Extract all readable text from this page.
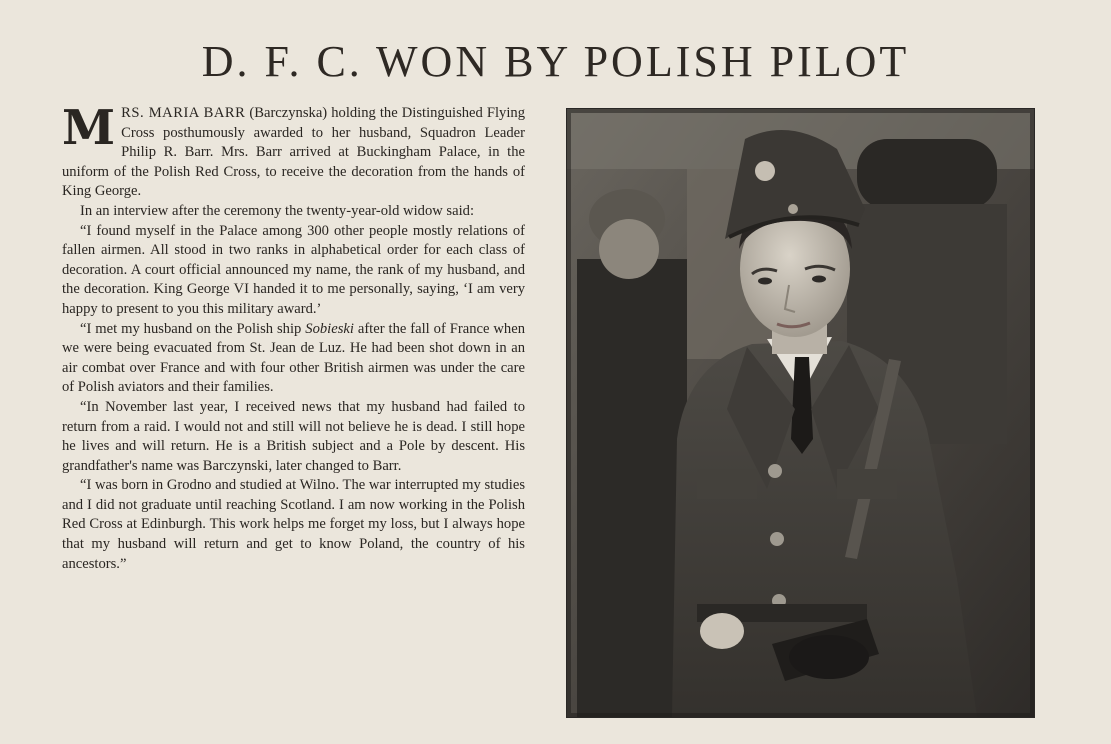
D. F. C. WON BY POLISH PILOT

MRS. MARIA BARR (Barczynska) holding the Distinguished Flying Cross posthumously awarded to her husband, Squadron Leader Philip R. Barr. Mrs. Barr arrived at Buckingham Palace, in the uniform of the Polish Red Cross, to receive the decoration from the hands of King George.

In an interview after the ceremony the twenty-year-old widow said:

“I found myself in the Palace among 300 other people mostly relations of fallen airmen. All stood in two ranks in alphabetical order for each class of decoration. A court official announced my name, the rank of my husband, and the decoration. King George VI handed it to me personally, saying, ‘I am very happy to present to you this military award.’

“I met my husband on the Polish ship Sobieski after the fall of France when we were being evacuated from St. Jean de Luz. He had been shot down in an air combat over France and with four other British airmen was under the care of Polish aviators and their families.

“In November last year, I received news that my husband had failed to return from a raid. I would not and still will not believe he is dead. I still hope he lives and will return. He is a British subject and a Pole by descent. His grandfather's name was Barczynski, later changed to Barr.

“I was born in Grodno and studied at Wilno. The war interrupted my studies and I did not graduate until reaching Scotland. I am now working in the Polish Red Cross at Edinburgh. This work helps me forget my loss, but I always hope that my husband will return and get to know Poland, the country of his ancestors.”
